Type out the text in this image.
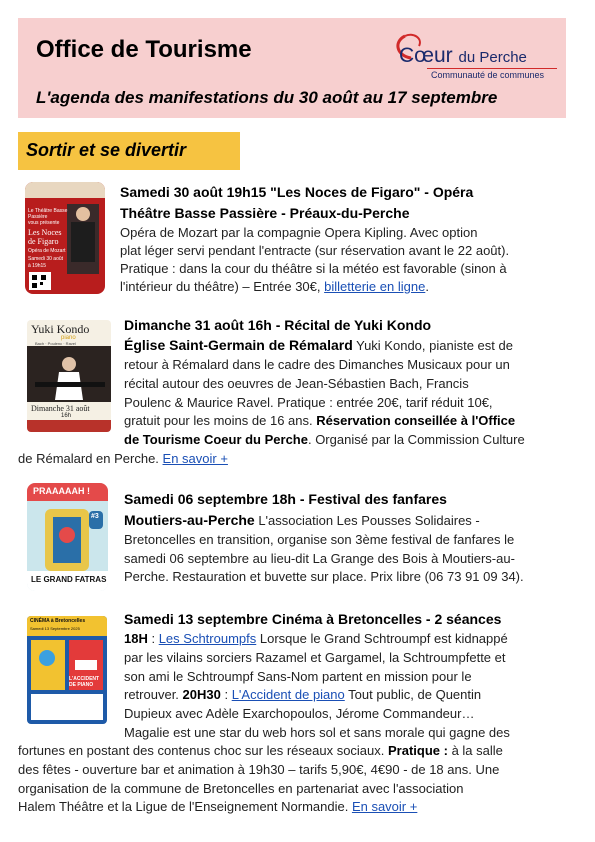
Office de Tourisme
L'agenda des manifestations du 30 août au 17 septembre
Cœur du Perche
Communauté de communes
Sortir et se divertir
Le Théâtre Basse Passière
vous présente
Les Noces
de Figaro
Opéra de Mozart
Samedi 30 août
à 19h15
Samedi 30 août 19h15 "Les Noces de Figaro" - Opéra
Théâtre Basse Passière - Préaux-du-Perche
Opéra de Mozart par la compagnie Opera Kipling. Avec option
plat léger servi pendant l'entracte (sur réservation avant le 22 août).
Pratique : dans la cour du théâtre si la météo est favorable (sinon à
l'intérieur du théâtre) – Entrée 30€, billetterie en ligne.
Yuki Kondo
piano
Bach · Poulenc · Ravel
Dimanche 31 août
16h
Dimanche 31 août 16h - Récital de Yuki Kondo
Église Saint-Germain de Rémalard Yuki Kondo, pianiste est de
retour à Rémalard dans le cadre des Dimanches Musicaux pour un
récital autour des oeuvres de Jean-Sébastien Bach, Francis
Poulenc & Maurice Ravel. Pratique : entrée 20€, tarif réduit 10€,
gratuit pour les moins de 16 ans. Réservation conseillée à l'Office
de Tourisme Coeur du Perche. Organisé par la Commission Culture
de Rémalard en Perche. En savoir +
PRAAAAAH !
#3
LE GRAND FATRAS
Samedi 06 septembre 18h - Festival des fanfares
Moutiers-au-Perche L'association Les Pousses Solidaires -
Bretoncelles en transition, organise son 3ème festival de fanfares le
samedi 06 septembre au lieu-dit La Grange des Bois à Moutiers-au-
Perche. Restauration et buvette sur place. Prix libre (06 73 91 09 34).
CINÉMA à Bretoncelles
Samedi 13 Septembre 2025
L'ACCIDENT DE PIANO
Samedi 13 septembre Cinéma à Bretoncelles - 2 séances
18H : Les Schtroumpfs Lorsque le Grand Schtroumpf est kidnappé
par les vilains sorciers Razamel et Gargamel, la Schtroumpfette et
son ami le Schtroumpf Sans-Nom partent en mission pour le
retrouver. 20H30 : L'Accident de piano Tout public, de Quentin
Dupieux avec Adèle Exarchopoulos, Jérome Commandeur…
Magalie est une star du web hors sol et sans morale qui gagne des
fortunes en postant des contenus choc sur les réseaux sociaux. Pratique : à la salle
des fêtes - ouverture bar et animation à 19h30 – tarifs 5,90€, 4€90 - de 18 ans. Une
organisation de la commune de Bretoncelles en partenariat avec l'association
Halem Théâtre et la Ligue de l'Enseignement Normandie. En savoir +
